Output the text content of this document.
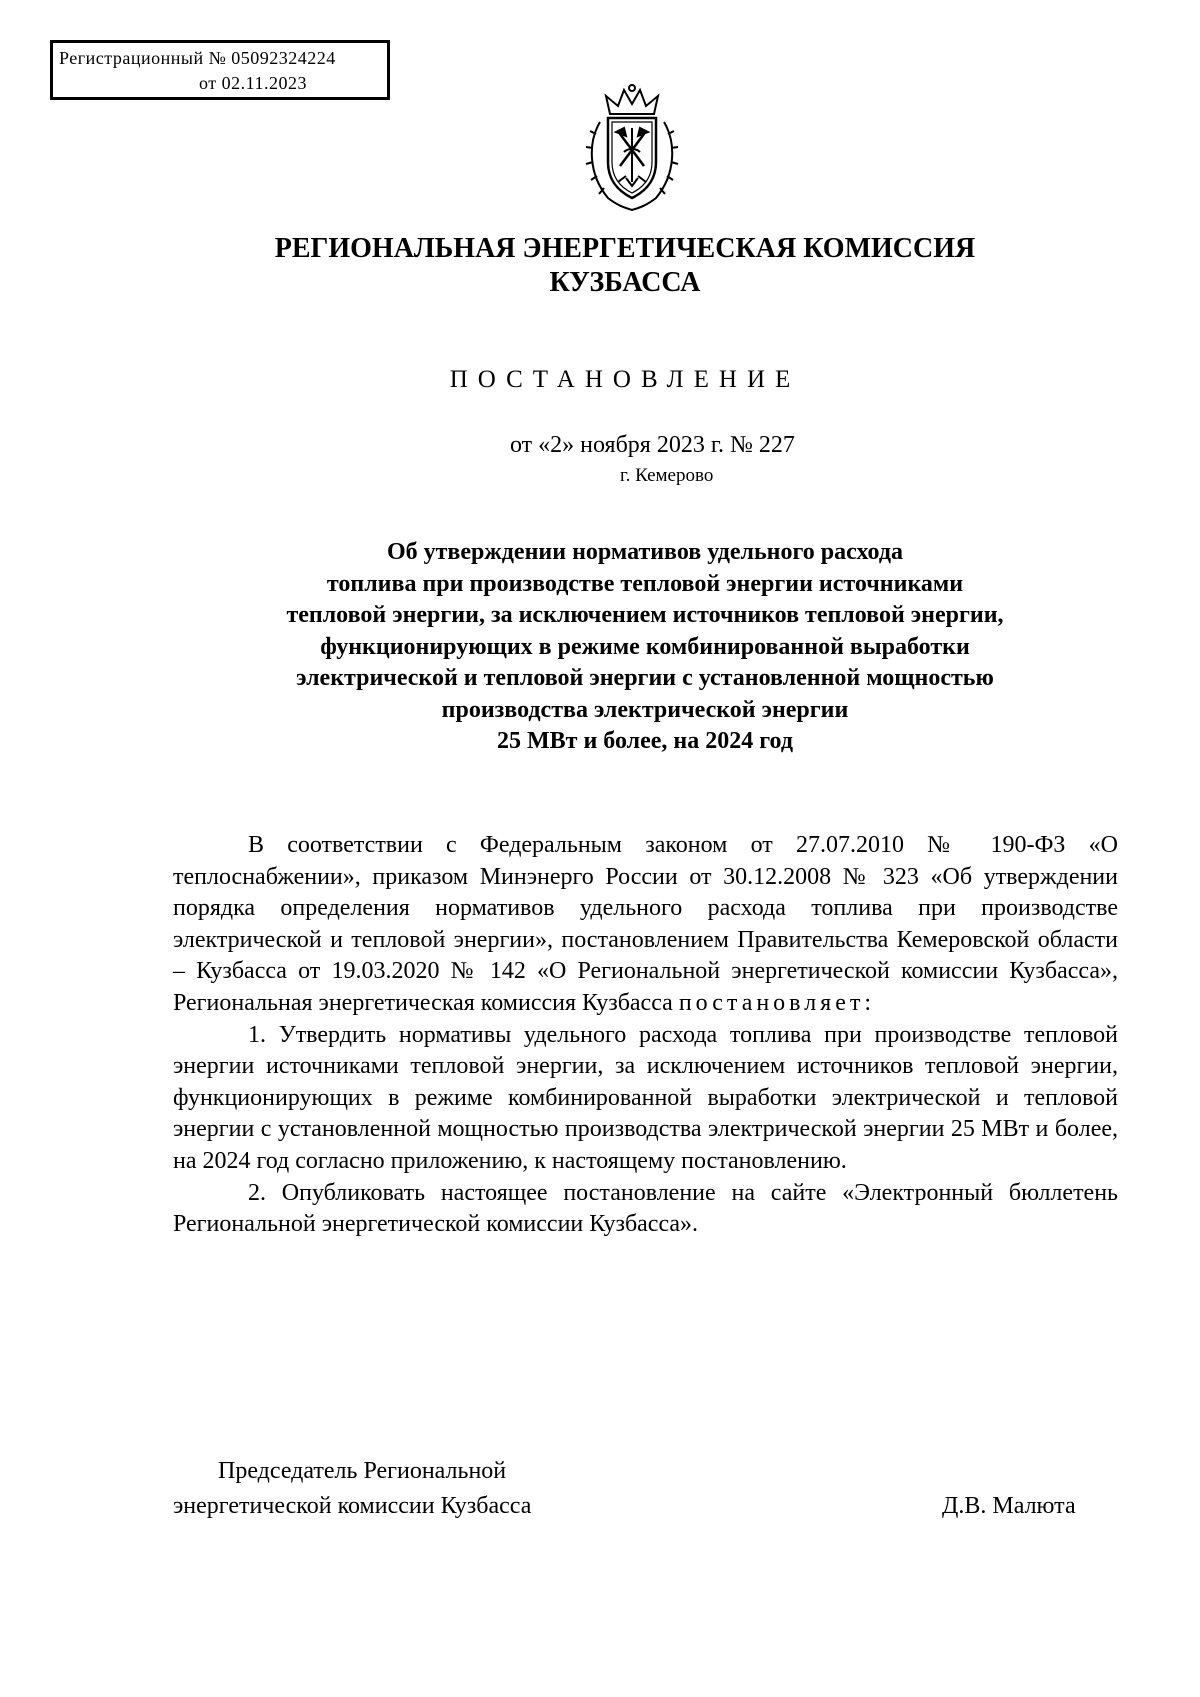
Регистрационный № 05092324224
от 02.11.2023
РЕГИОНАЛЬНАЯ ЭНЕРГЕТИЧЕСКАЯ КОМИССИЯ
КУЗБАССА
ПОСТАНОВЛЕНИЕ
от «2» ноября 2023 г. № 227
г. Кемерово
Об утверждении нормативов удельного расхода
топлива при производстве тепловой энергии источниками
тепловой энергии, за исключением источников тепловой энергии,
функционирующих в режиме комбинированной выработки
электрической и тепловой энергии с установленной мощностью
производства электрической энергии
25 МВт и более, на 2024 год

В соответствии с Федеральным законом от 27.07.2010 № 190-ФЗ «О теплоснабжении», приказом Минэнерго России от 30.12.2008 № 323 «Об утверждении порядка определения нормативов удельного расхода топлива при производстве электрической и тепловой энергии», постановлением Правительства Кемеровской области – Кузбасса от 19.03.2020 № 142 «О Региональной энергетической комиссии Кузбасса», Региональная энергетическая комиссия Кузбасса постановляет:

1. Утвердить нормативы удельного расхода топлива при производстве тепловой энергии источниками тепловой энергии, за исключением источников тепловой энергии, функционирующих в режиме комбинированной выработки электрической и тепловой энергии с установленной мощностью производства электрической энергии 25 МВт и более, на 2024 год согласно приложению, к настоящему постановлению.

2. Опубликовать настоящее постановление на сайте «Электронный бюллетень Региональной энергетической комиссии Кузбасса».

Председатель Региональной
энергетической комиссии Кузбасса	Д.В. Малюта
